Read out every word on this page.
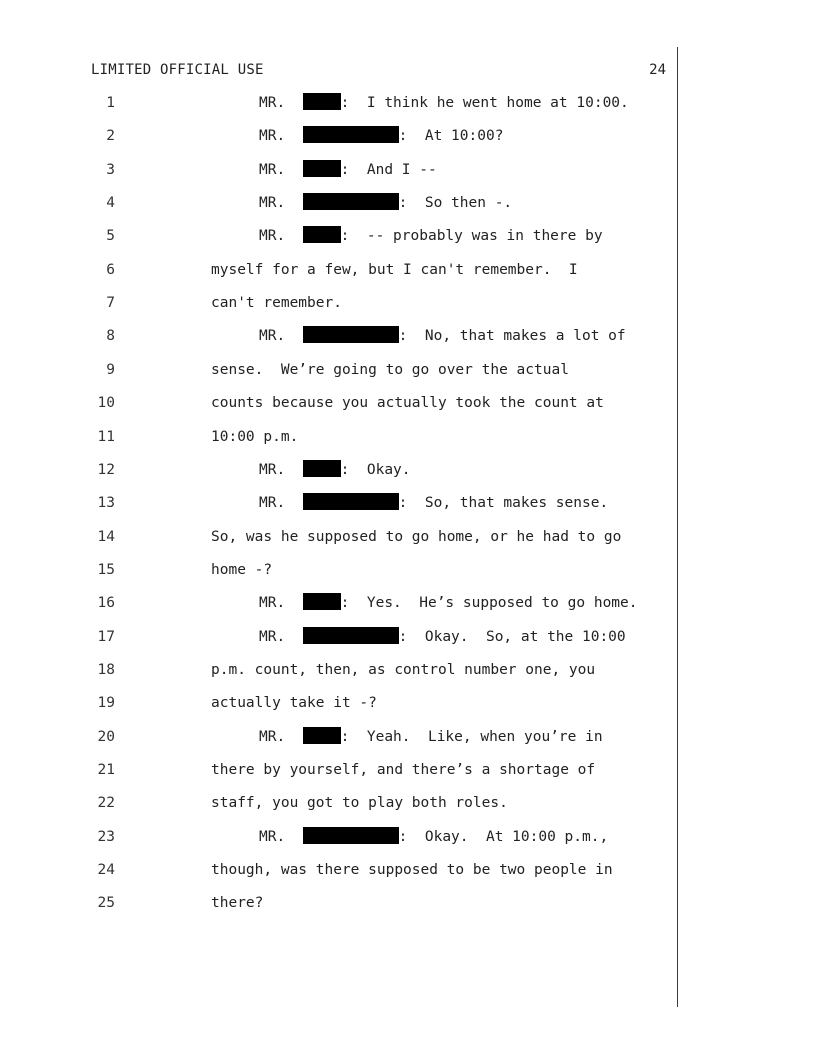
LIMITED OFFICIAL USE	24
1	MR.	:  I think he went home at 10:00.
2	MR.	:  At 10:00?
3	MR.	:  And I --
4	MR.	:  So then -.
5	MR.	:  -- probably was in there by
6	myself for a few, but I can't remember.  I
7	can't remember.
8	MR.	:  No, that makes a lot of
9	sense.  We’re going to go over the actual
10	counts because you actually took the count at
11	10:00 p.m.
12	MR.	:  Okay.
13	MR.	:  So, that makes sense.
14	So, was he supposed to go home, or he had to go
15	home -?
16	MR.	:  Yes.  He’s supposed to go home.
17	MR.	:  Okay.  So, at the 10:00
18	p.m. count, then, as control number one, you
19	actually take it -?
20	MR.	:  Yeah.  Like, when you’re in
21	there by yourself, and there’s a shortage of
22	staff, you got to play both roles.
23	MR.	:  Okay.  At 10:00 p.m.,
24	though, was there supposed to be two people in
25	there?
